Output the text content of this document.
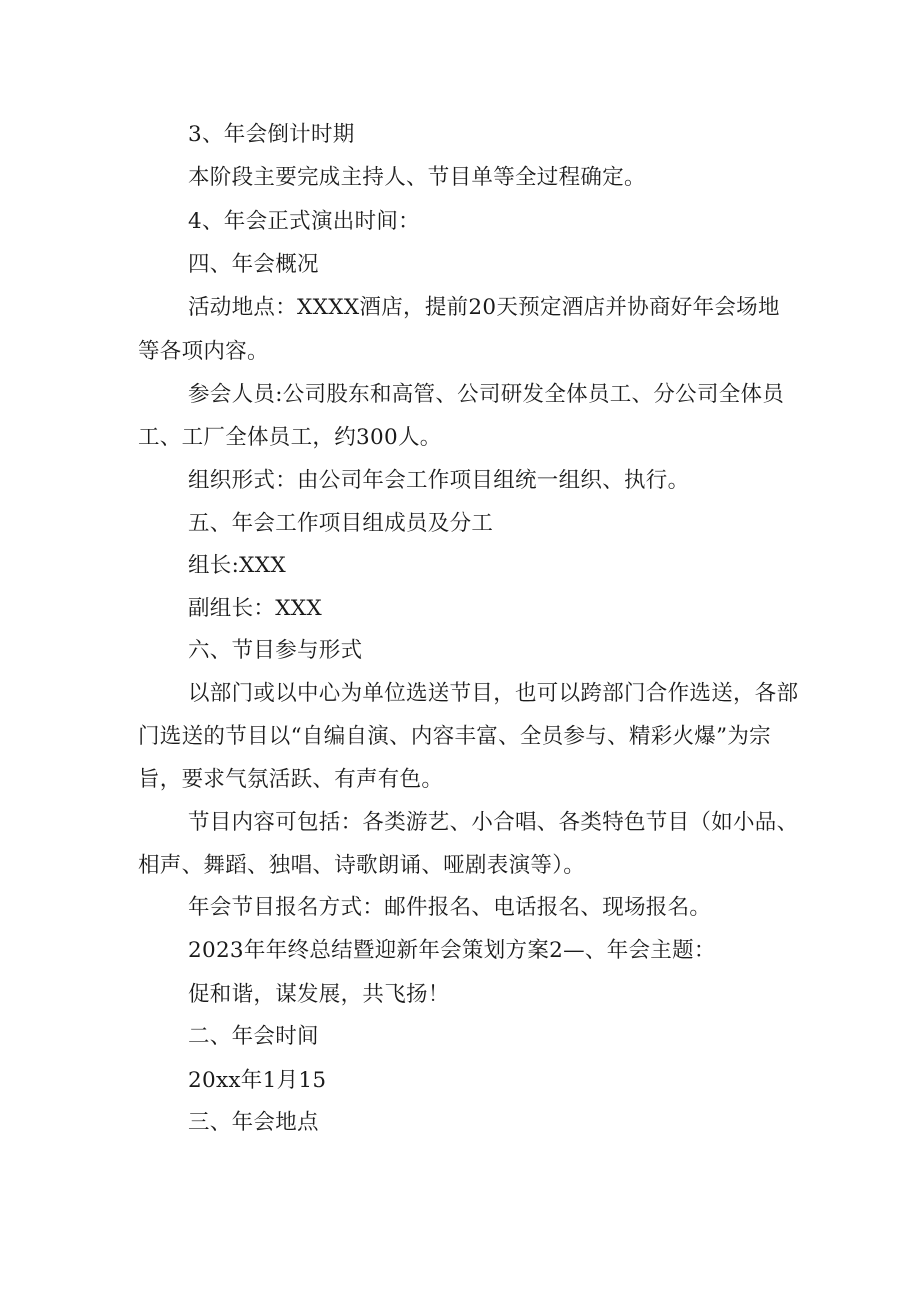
3、年会倒计时期

本阶段主要完成主持人、节目单等全过程确定。

4、年会正式演出时间：

四、年会概况

活动地点：XXXX酒店，提前20天预定酒店并协商好年会场地

等各项内容。

参会人员:公司股东和高管、公司研发全体员工、分公司全体员

工、工厂全体员工，约300人。

组织形式：由公司年会工作项目组统一组织、执行。

五、年会工作项目组成员及分工

组长:XXX

副组长：XXX

六、节目参与形式

以部门或以中心为单位选送节目，也可以跨部门合作选送，各部

门选送的节目以“自编自演、内容丰富、全员参与、精彩火爆”为宗

旨，要求气氛活跃、有声有色。

节目内容可包括：各类游艺、小合唱、各类特色节目（如小品、

相声、舞蹈、独唱、诗歌朗诵、哑剧表演等）。

年会节目报名方式：邮件报名、电话报名、现场报名。

2023年年终总结暨迎新年会策划方案2—、年会主题：

促和谐，谋发展，共飞扬！

二、年会时间

20xx年1月15

三、年会地点
